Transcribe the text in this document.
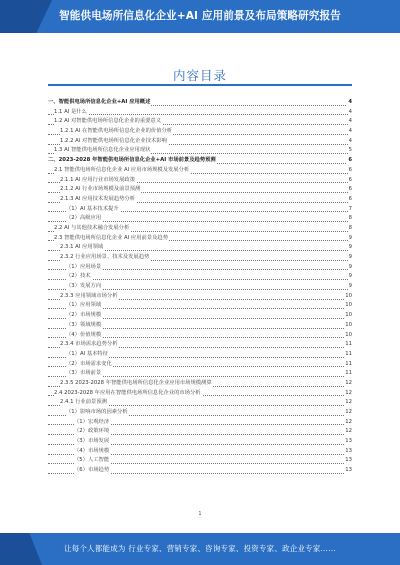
智能供电场所信息化企业+AI 应用前景及布局策略研究报告
内容目录
一、智能供电场所信息化企业+AI 应用概述	4
1.1 AI 是什么	4
1.2 AI 对智能供电场所信息化企业的重要意义	4
1.2.1 AI 在智能供电场所信息化企业的价值分析	4
1.2.2 AI 对智能供电场所信息化企业技术影响	4
1.3 AI 智能供电场所信息化企业应用现状	5
二、2023-2028 年智能供电场所信息化企业+AI 市场前景及趋势预测	6
2.1 智能供电场所信息化企业 AI 应用市场规模及发展分析	6
2.1.1 AI 应用行业市场发展政策	6
2.1.2 AI 行业市场规模及前景预测	6
2.1.3 AI 应用技术发展趋势分析	6
（1）AI 基本技术提升	7
（2）高级应用	8
2.2 AI 与其他技术融合发展分析	8
2.3 智能供电场所信息化企业 AI 应用前景及趋势	9
2.3.1 AI 应用领域	9
2.3.2 行业应用场景、技术及发展趋势	9
（1）应用场景	9
（2）技术	9
（3）发展方向	9
2.3.3 应用领域市场分析	10
（1）应用领域	10
（2）市场规模	10
（3）领域规模	10
（4）价值规模	10
2.3.4 市场需求趋势分析	11
（1）AI 基本特征	11
（2）市场需求变化	11
（3）市场前景	11
2.3.5 2023-2028 年智能供电场所信息化企业应用市场规模测算	12
2.4 2023-2028 年应用在智能供电场所信息化企业的市场分析	12
2.4.1 行业前景预测	12
（1）影响市场的因素分析	12
（1）宏观经济	12
（2）政策环境	12
（3）市场发展	13
（4）市场规模	13
（5）人工智能	13
（6）市场趋势	13
1
让每个人都能成为 行业专家、营销专家、咨询专家、投资专家、政企业专家……
